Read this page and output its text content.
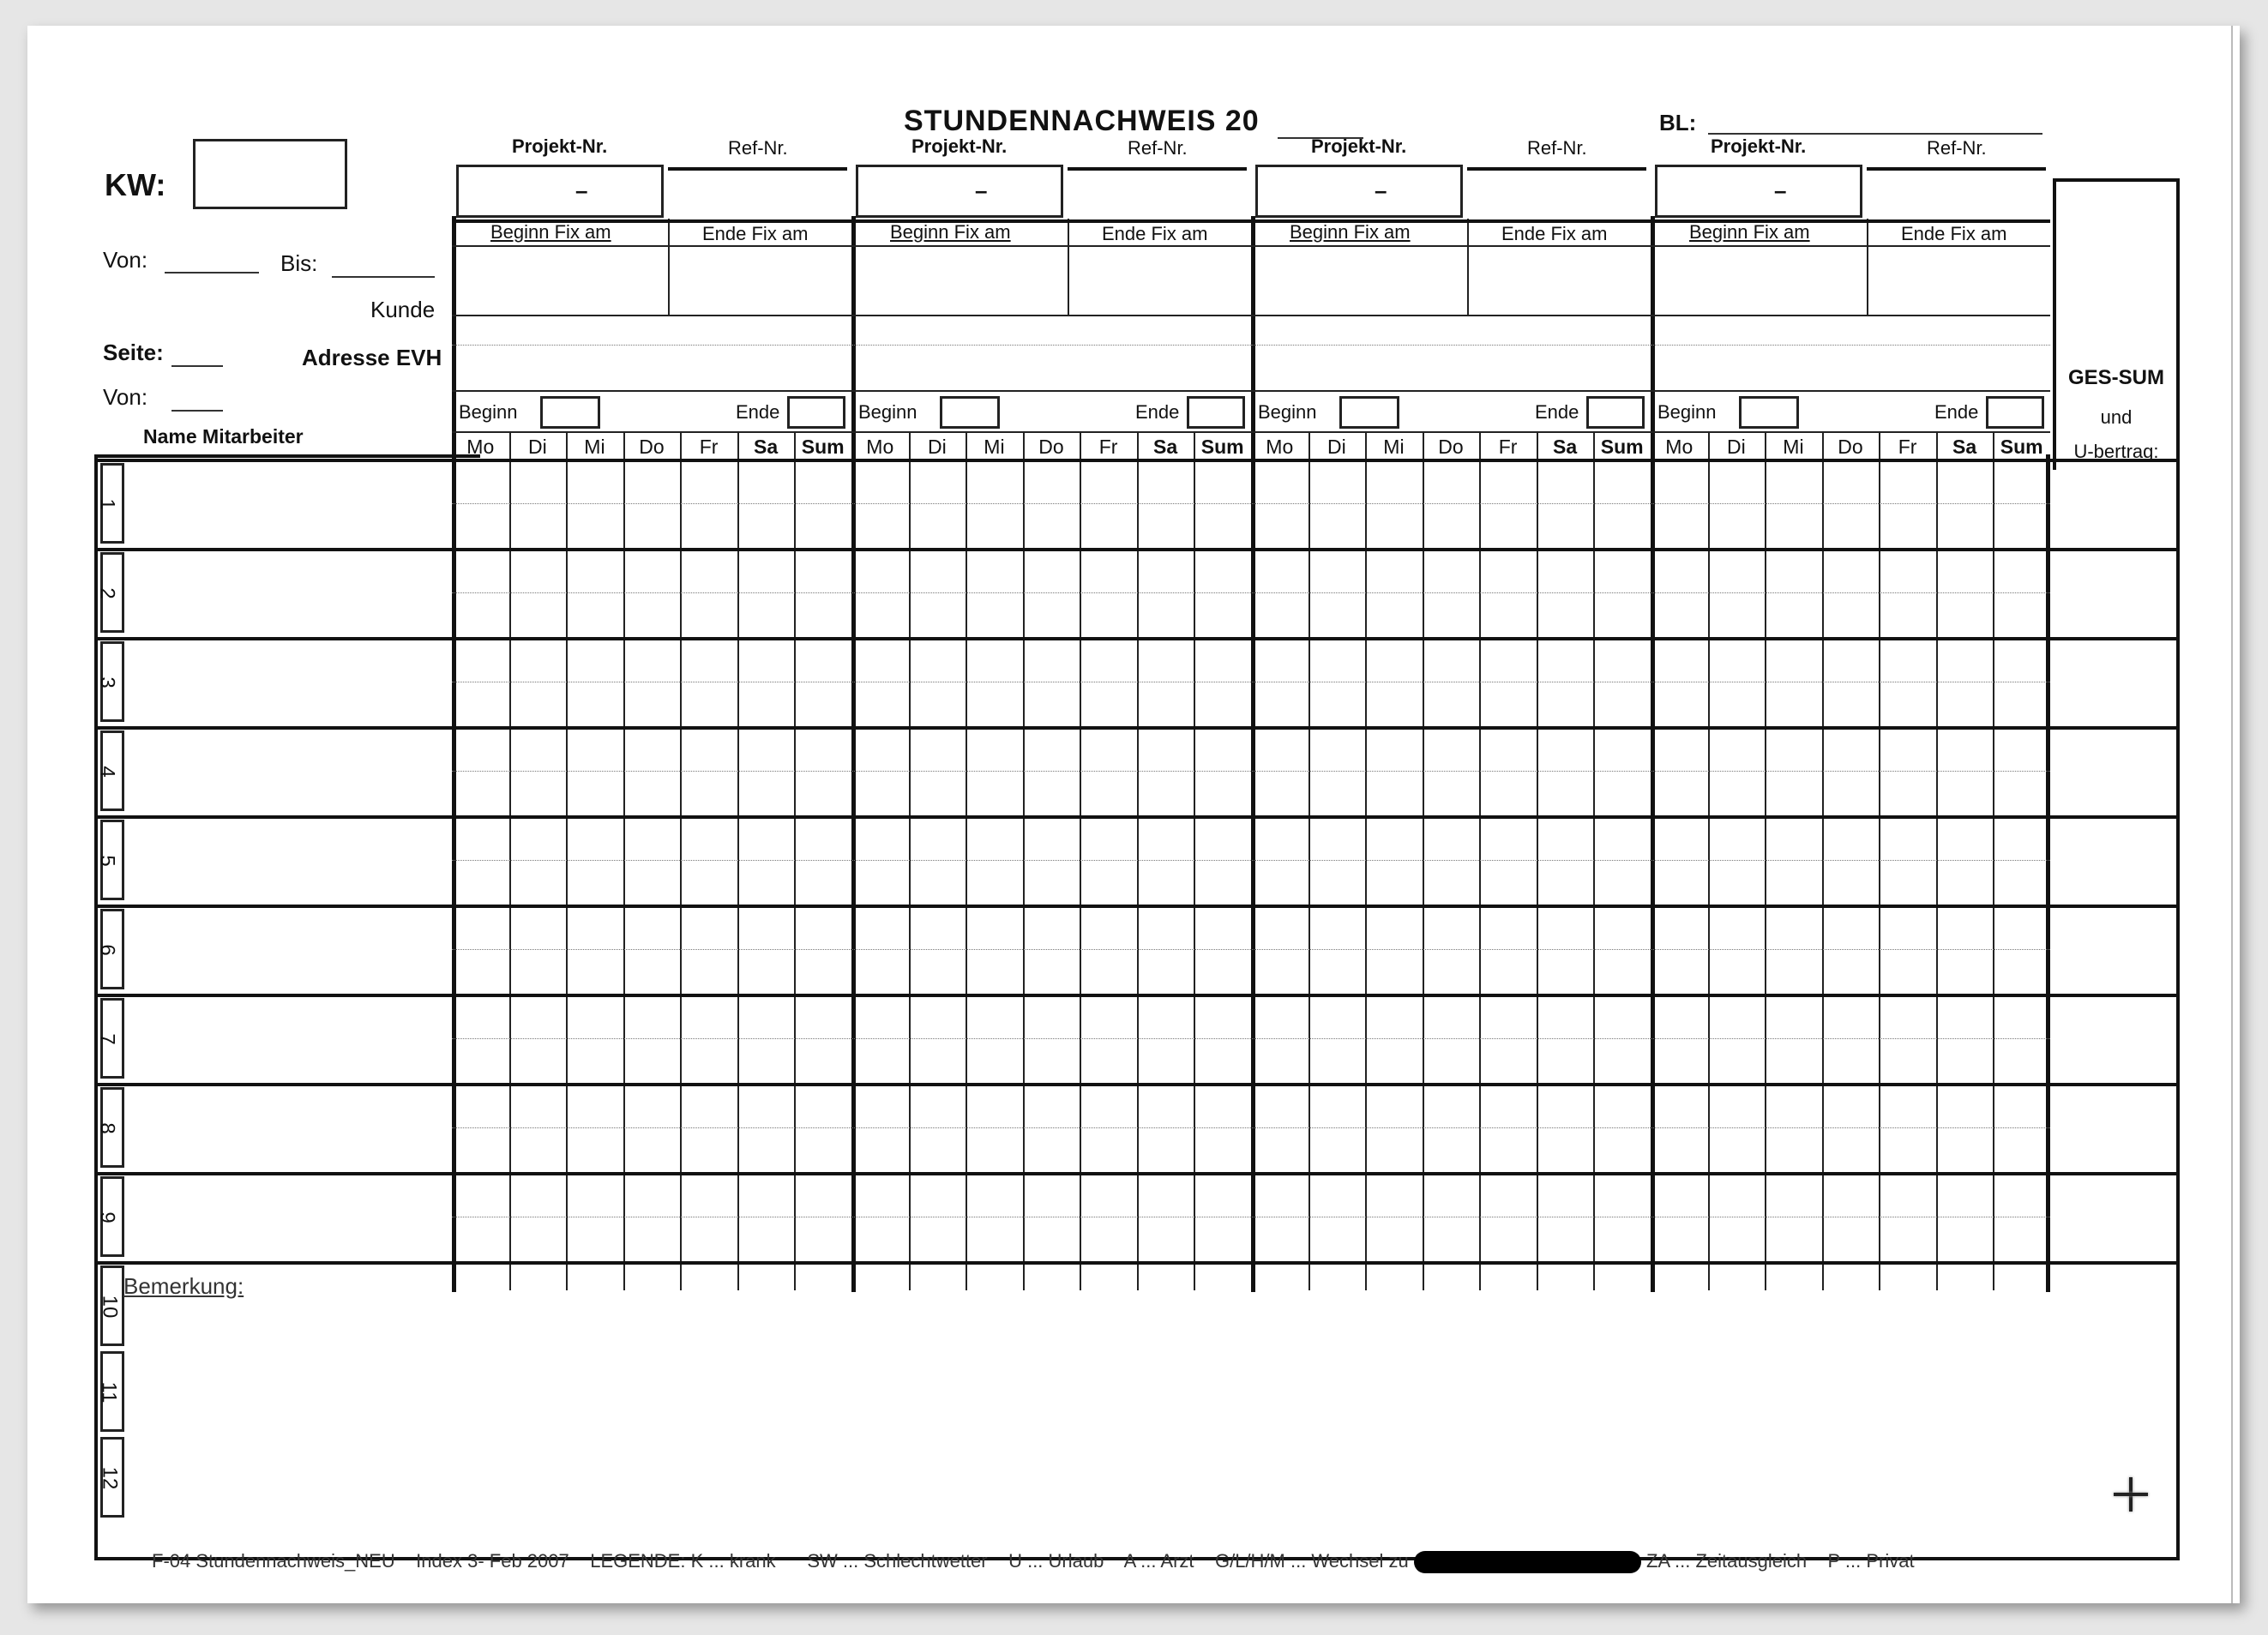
STUNDENNACHWEIS 20	BL:
KW:
Von:	Bis:
Kunde
Seite:	Adresse EVH
Von:
Name Mitarbeiter
Projekt-Nr.	Ref-Nr.
–
Beginn Fix am	Ende Fix am
Beginn	Ende
Mo	Di	Mi	Do	Fr	Sa	Sum
Projekt-Nr.	Ref-Nr.
–
Beginn Fix am	Ende Fix am
Beginn	Ende
Mo	Di	Mi	Do	Fr	Sa	Sum
Projekt-Nr.	Ref-Nr.
–
Beginn Fix am	Ende Fix am
Beginn	Ende
Mo	Di	Mi	Do	Fr	Sa	Sum
Projekt-Nr.	Ref-Nr.
–
Beginn Fix am	Ende Fix am
Beginn	Ende
Mo	Di	Mi	Do	Fr	Sa	Sum
GES-SUM
und
U-bertrag:
1
2
3
4
5
6
7
8
9
10
11
12
Bemerkung:
F-04 Stundennachweis_NEU Index 3- Feb 2007 LEGENDE: K ... krank SW ... Schlechtwetter U ... Urlaub A ... Arzt G/L/H/M ... Wechsel zu	ZA ... Zeitausgleich P ... Privat
